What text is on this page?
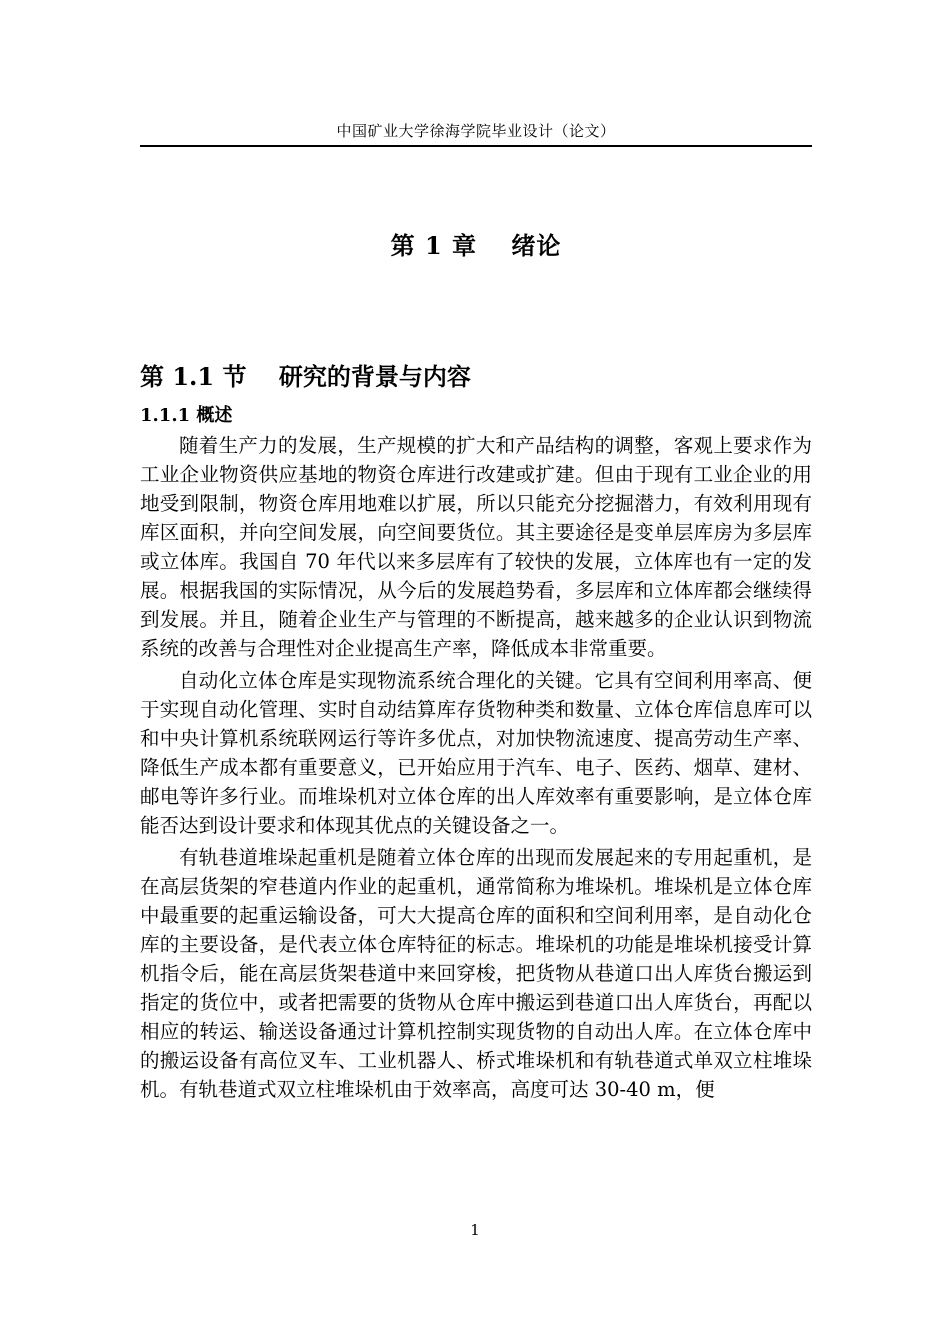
中国矿业大学徐海学院毕业设计（论文）
第 1 章　 绪论
第 1.1 节　 研究的背景与内容
1.1.1 概述

随着生产力的发展，生产规模的扩大和产品结构的调整，客观上要求作为工业企业物资供应基地的物资仓库进行改建或扩建。但由于现有工业企业的用地受到限制，物资仓库用地难以扩展，所以只能充分挖掘潜力，有效利用现有库区面积，并向空间发展，向空间要货位。其主要途径是变单层库房为多层库或立体库。我国自 70 年代以来多层库有了较快的发展，立体库也有一定的发展。根据我国的实际情况，从今后的发展趋势看，多层库和立体库都会继续得到发展。并且，随着企业生产与管理的不断提高，越来越多的企业认识到物流系统的改善与合理性对企业提高生产率，降低成本非常重要。

自动化立体仓库是实现物流系统合理化的关键。它具有空间利用率高、便于实现自动化管理、实时自动结算库存货物种类和数量、立体仓库信息库可以和中央计算机系统联网运行等许多优点，对加快物流速度、提高劳动生产率、降低生产成本都有重要意义，已开始应用于汽车、电子、医药、烟草、建材、邮电等许多行业。而堆垛机对立体仓库的出人库效率有重要影响，是立体仓库能否达到设计要求和体现其优点的关键设备之一。

有轨巷道堆垛起重机是随着立体仓库的出现而发展起来的专用起重机，是在高层货架的窄巷道内作业的起重机，通常简称为堆垛机。堆垛机是立体仓库中最重要的起重运输设备，可大大提高仓库的面积和空间利用率，是自动化仓库的主要设备，是代表立体仓库特征的标志。堆垛机的功能是堆垛机接受计算机指令后，能在高层货架巷道中来回穿梭，把货物从巷道口出人库货台搬运到指定的货位中，或者把需要的货物从仓库中搬运到巷道口出人库货台，再配以相应的转运、输送设备通过计算机控制实现货物的自动出人库。在立体仓库中的搬运设备有高位叉车、工业机器人、桥式堆垛机和有轨巷道式单双立柱堆垛机。有轨巷道式双立柱堆垛机由于效率高，高度可达 30-40 m，便

1
